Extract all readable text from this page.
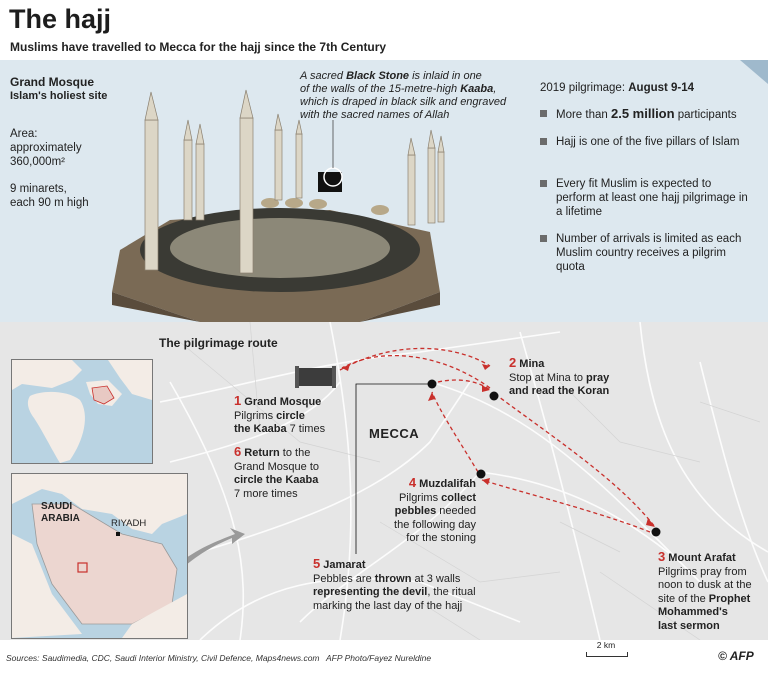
The hajj
Muslims have travelled to Mecca for the hajj since the 7th Century
Grand Mosque
Islam's holiest site
Area:
approximately
360,000m²
9 minarets,
each 90 m high
A sacred Black Stone is inlaid in one
of the walls of the 15-metre-high Kaaba,
which is draped in black silk and engraved
with the sacred names of Allah
2019 pilgrimage: August 9-14
More than 2.5 million participants
Hajj is one of the five pillars of Islam
Every fit Muslim is expected to perform at least one hajj pilgrimage in a lifetime
Number of arrivals is limited as each Muslim country receives a pilgrim quota
The pilgrimage route
MECCA
1 Grand Mosque
Pilgrims circle
the Kaaba 7 times
6 Return to the
Grand Mosque to
circle the Kaaba
7 more times
2 Mina
Stop at Mina to pray
and read the Koran
4 Muzdalifah
Pilgrims collect
pebbles needed
the following day
for the stoning
5 Jamarat
Pebbles are thrown at 3 walls
representing the devil, the ritual
marking the last day of the hajj
3 Mount Arafat
Pilgrims pray from
noon to dusk at the
site of the Prophet
Mohammed's
last sermon
SAUDI
ARABIA	RIYADH
Sources: Saudimedia, CDC, Saudi Interior Ministry, Civil Defence, Maps4news.com AFP Photo/Fayez Nureldine
2 km
© AFP
